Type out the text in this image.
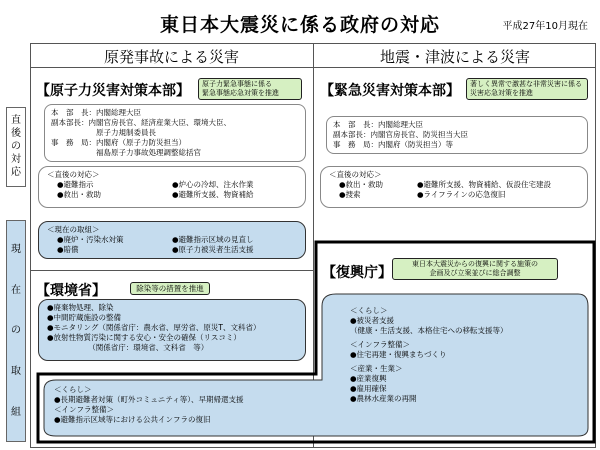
東日本大震災に係る政府の対応	平成27年10月現在
原発事故による災害	地震・津波による災害
直
後
の
対
応
現
在
の
取
組
【原子力災害対策本部】 原子力緊急事態に係る
緊急事態応急対策を推進
本　部　長：内閣総理大臣
副本部長：内閣官房長官、経済産業大臣、環境大臣、
　　　　　　原子力規制委員長
事　務　局：内閣府（原子力防災担当）
　　　　　　福島原子力事故処理調整総括官
＜直後の対応＞
●避難指示	●炉心の冷却、注水作業
●救出・救助	●避難所支援、物資補給
＜現在の取組＞
●廃炉・汚染水対策	●避難指示区域の見直し
●賠償	●原子力被災者生活支援
【環境省】	除染等の措置を推進
●廃棄物処理、除染
●中間貯蔵施設の整備
●モニタリング（関係省庁：農水省、厚労省、原災T、文科省）
●放射性物質汚染に関する安心・安全の確保（リスコミ）
　　　　　　（関係省庁：環境省、文科省　等）
【緊急災害対策本部】 著しく異常で激甚な非常災害に係る
災害応急対策を推進
本　部　長：内閣総理大臣
副本部長：内閣官房長官、防災担当大臣
事　務　局：内閣府（防災担当）等
＜直後の対応＞
●救出・救助	●避難所支援、物資補給、仮設住宅建設
●捜索	●ライフラインの応急復旧
【復興庁】
東日本大震災からの復興に関する施策の
企画及び立案並びに総合調整
＜くらし＞
●被災者支援
（健康・生活支援、本格住宅への移転支援等）
＜インフラ整備＞
●住宅再建・復興まちづくり
＜産業・生業＞
●産業復興
●雇用確保
●農林水産業の再開
＜くらし＞
●長期避難者対策（町外コミュニティ等）、早期帰還支援
＜インフラ整備＞
●避難指示区域等における公共インフラの復旧
